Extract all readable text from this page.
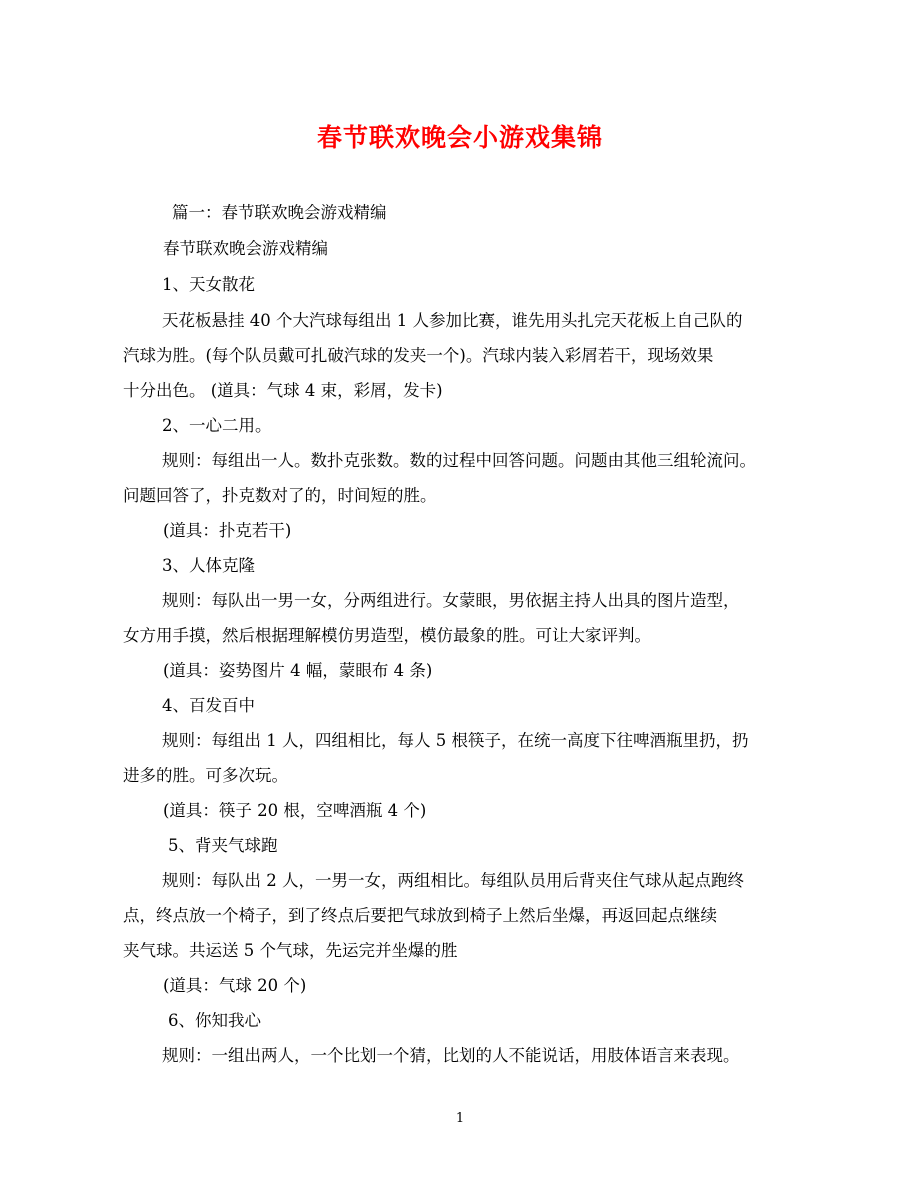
春节联欢晚会小游戏集锦
篇一：春节联欢晚会游戏精编
春节联欢晚会游戏精编
1、天女散花
天花板悬挂 40 个大汽球每组出 1 人参加比赛，谁先用头扎完天花板上自己队的
汽球为胜。(每个队员戴可扎破汽球的发夹一个)。汽球内装入彩屑若干，现场效果
十分出色。 (道具：气球 4 束，彩屑，发卡)
2、一心二用。
规则：每组出一人。数扑克张数。数的过程中回答问题。问题由其他三组轮流问。
问题回答了，扑克数对了的，时间短的胜。
(道具：扑克若干)
3、人体克隆
规则：每队出一男一女，分两组进行。女蒙眼，男依据主持人出具的图片造型，
女方用手摸，然后根据理解模仿男造型，模仿最象的胜。可让大家评判。
(道具：姿势图片 4 幅，蒙眼布 4 条)
4、百发百中
规则：每组出 1 人，四组相比，每人 5 根筷子，在统一高度下往啤酒瓶里扔，扔
进多的胜。可多次玩。
(道具：筷子 20 根，空啤酒瓶 4 个)
5、背夹气球跑
规则：每队出 2 人，一男一女，两组相比。每组队员用后背夹住气球从起点跑终
点，终点放一个椅子，到了终点后要把气球放到椅子上然后坐爆，再返回起点继续
夹气球。共运送 5 个气球，先运完并坐爆的胜
(道具：气球 20 个)
6、你知我心
规则：一组出两人，一个比划一个猜，比划的人不能说话，用肢体语言来表现。
1
